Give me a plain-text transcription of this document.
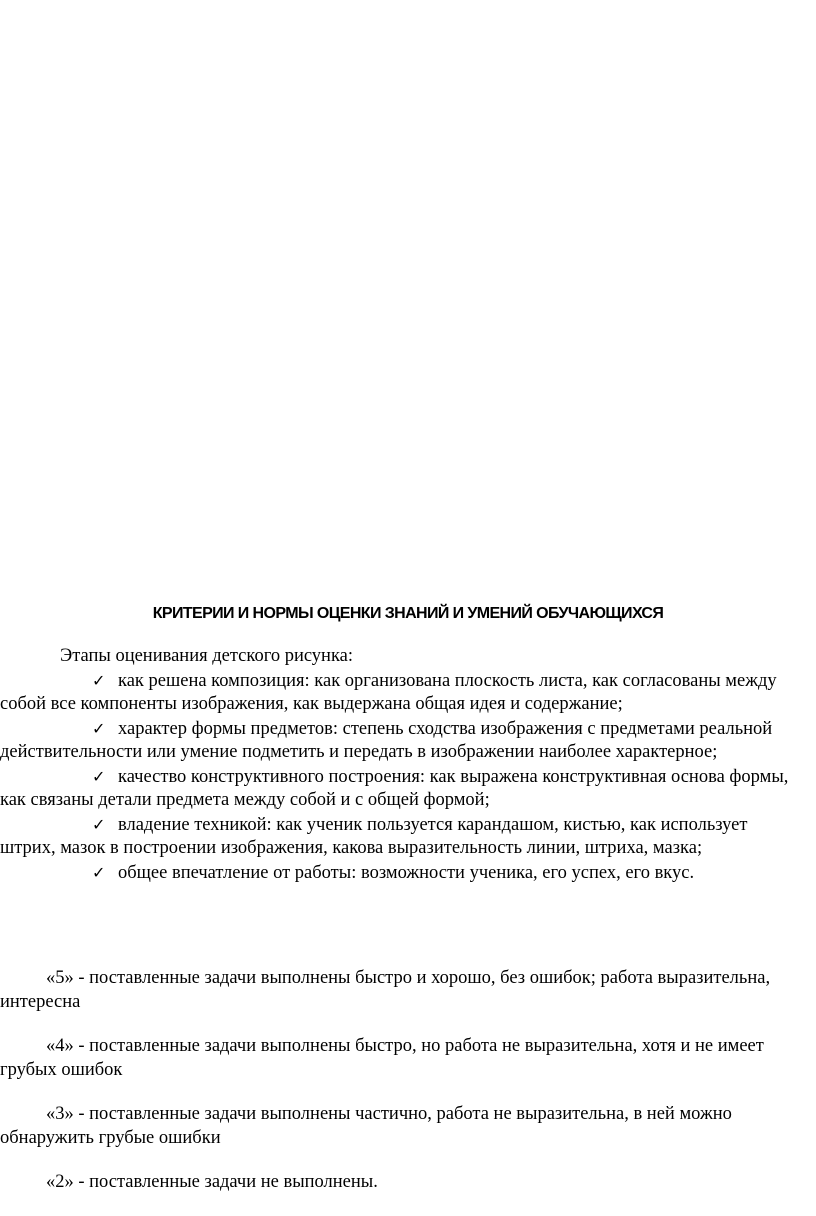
КРИТЕРИИ И НОРМЫ ОЦЕНКИ ЗНАНИЙ И УМЕНИЙ ОБУЧАЮЩИХСЯ
Этапы оценивания детского рисунка:
✓ как решена композиция: как организована плоскость листа, как согласованы между собой все компоненты изображения, как выдержана общая идея и содержание;
✓ характер формы предметов: степень сходства изображения с предметами реальной действительности или умение подметить и передать в изображении наиболее характерное;
✓ качество конструктивного построения: как выражена конструктивная основа формы, как связаны детали предмета между собой и с общей формой;
✓ владение техникой: как ученик пользуется карандашом, кистью, как использует штрих, мазок в построении изображения, какова выразительность линии, штриха, мазка;
✓ общее впечатление от работы: возможности ученика, его успех, его вкус.
«5» - поставленные задачи выполнены быстро и хорошо, без ошибок; работа выразительна, интересна
«4» - поставленные задачи выполнены быстро, но работа не выразительна, хотя и не имеет грубых ошибок
«3» - поставленные задачи выполнены частично, работа не выразительна, в ней можно обнаружить грубые ошибки
«2» - поставленные задачи не выполнены.
